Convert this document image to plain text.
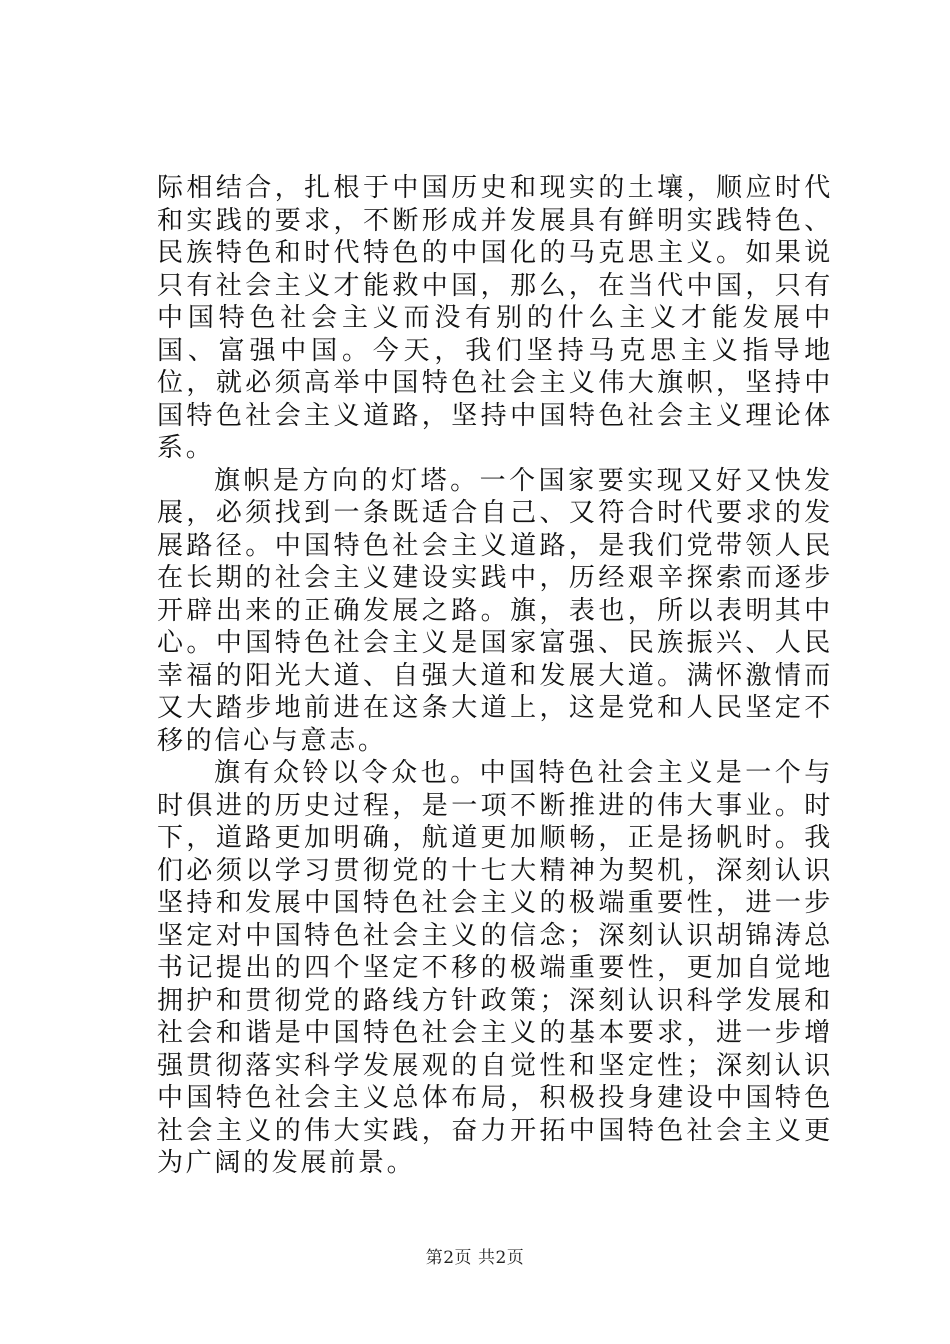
际相结合，扎根于中国历史和现实的土壤，顺应时代和实践的要求，不断形成并发展具有鲜明实践特色、民族特色和时代特色的中国化的马克思主义。如果说只有社会主义才能救中国，那么，在当代中国，只有中国特色社会主义而没有别的什么主义才能发展中国、富强中国。今天，我们坚持马克思主义指导地位，就必须高举中国特色社会主义伟大旗帜，坚持中国特色社会主义道路，坚持中国特色社会主义理论体系。

旗帜是方向的灯塔。一个国家要实现又好又快发展，必须找到一条既适合自己、又符合时代要求的发展路径。中国特色社会主义道路，是我们党带领人民在长期的社会主义建设实践中，历经艰辛探索而逐步开辟出来的正确发展之路。旗，表也，所以表明其中心。中国特色社会主义是国家富强、民族振兴、人民幸福的阳光大道、自强大道和发展大道。满怀激情而又大踏步地前进在这条大道上，这是党和人民坚定不移的信心与意志。

旗有众铃以令众也。中国特色社会主义是一个与时俱进的历史过程，是一项不断推进的伟大事业。时下，道路更加明确，航道更加顺畅，正是扬帆时。我们必须以学习贯彻党的十七大精神为契机，深刻认识坚持和发展中国特色社会主义的极端重要性，进一步坚定对中国特色社会主义的信念；深刻认识胡锦涛总书记提出的四个坚定不移的极端重要性，更加自觉地拥护和贯彻党的路线方针政策；深刻认识科学发展和社会和谐是中国特色社会主义的基本要求，进一步增强贯彻落实科学发展观的自觉性和坚定性；深刻认识中国特色社会主义总体布局，积极投身建设中国特色社会主义的伟大实践，奋力开拓中国特色社会主义更为广阔的发展前景。

第2页 共2页
